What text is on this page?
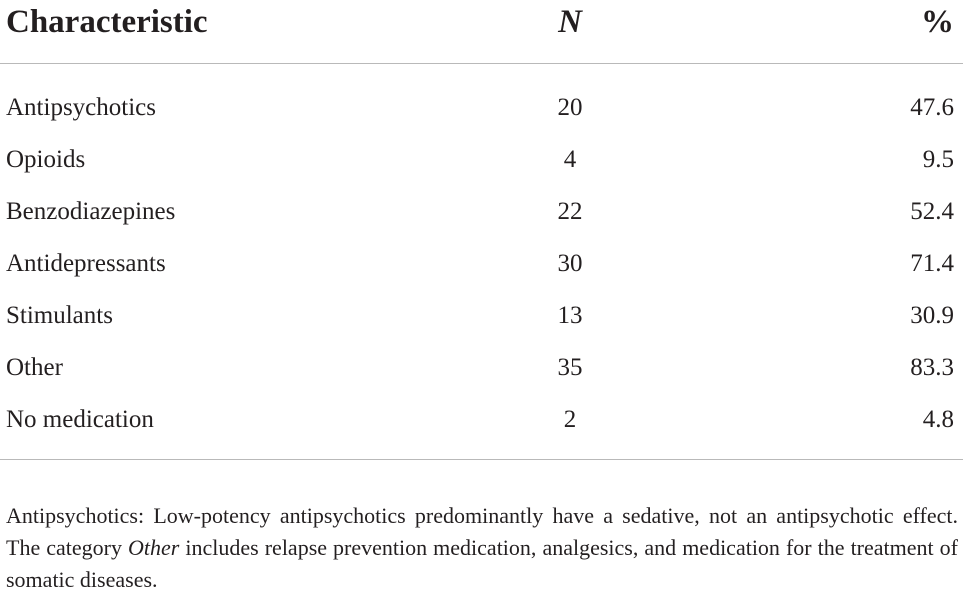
Characteristic	N	%
Antipsychotics	20	47.6
Opioids	4	9.5
Benzodiazepines	22	52.4
Antidepressants	30	71.4
Stimulants	13	30.9
Other	35	83.3
No medication	2	4.8

Antipsychotics: Low-potency antipsychotics predominantly have a sedative, not an antipsychotic effect. The category Other includes relapse prevention medication, analgesics, and medication for the treatment of somatic diseases.
